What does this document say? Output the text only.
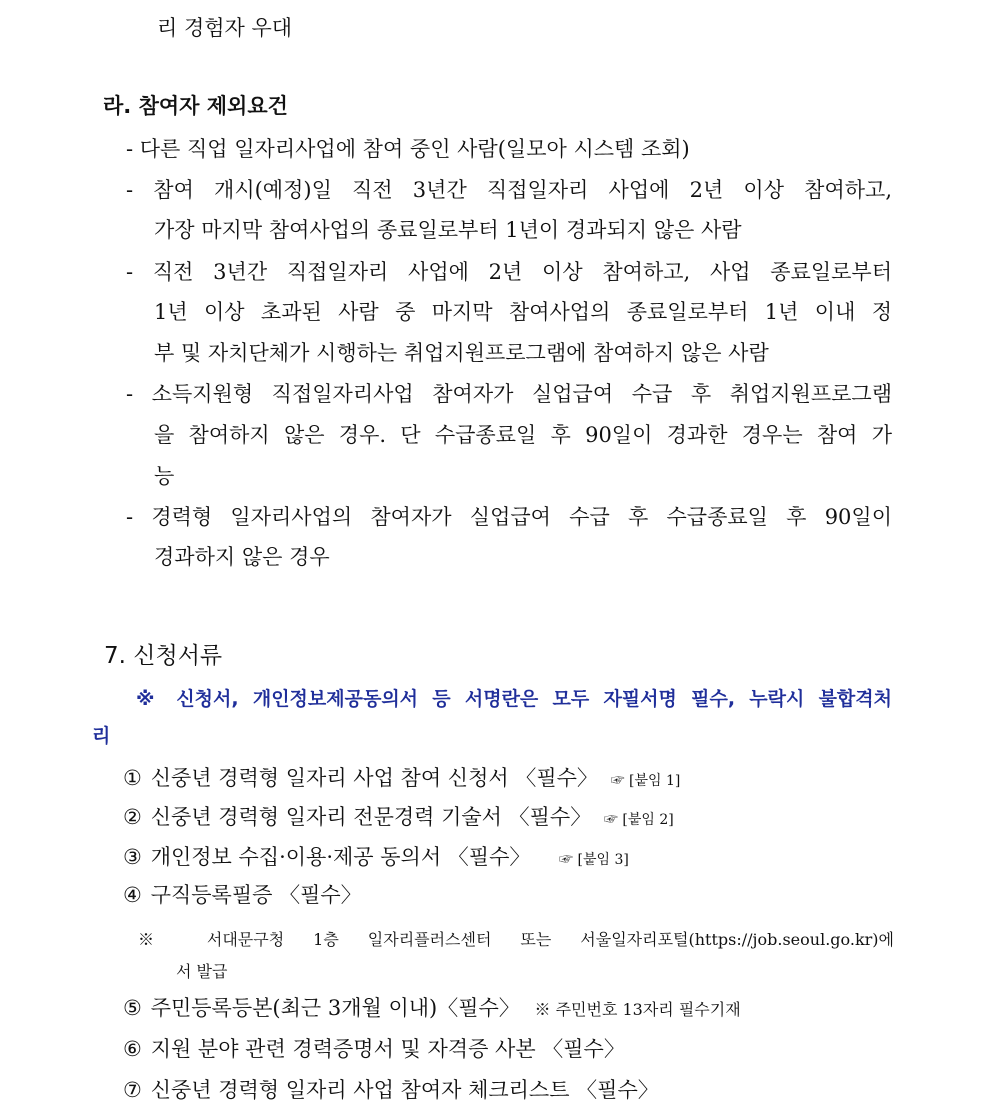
리 경험자 우대
라. 참여자 제외요건
- 다른 직업 일자리사업에 참여 중인 사람(일모아 시스템 조회)
- 참여 개시(예정)일 직전 3년간 직접일자리 사업에 2년 이상 참여하고,
가장 마지막 참여사업의 종료일로부터 1년이 경과되지 않은 사람
- 직전 3년간 직접일자리 사업에 2년 이상 참여하고, 사업 종료일로부터
1년 이상 초과된 사람 중 마지막 참여사업의 종료일로부터 1년 이내 정
부 및 자치단체가 시행하는 취업지원프로그램에 참여하지 않은 사람
- 소득지원형 직접일자리사업 참여자가 실업급여 수급 후 취업지원프로그램
을 참여하지 않은 경우. 단 수급종료일 후 90일이 경과한 경우는 참여 가
능
- 경력형 일자리사업의 참여자가 실업급여 수급 후 수급종료일 후 90일이
경과하지 않은 경우
7. 신청서류
※ 신청서, 개인정보제공동의서 등 서명란은 모두 자필서명 필수, 누락시 불합격처
리
① 신중년 경력형 일자리 사업 참여 신청서 〈필수〉 ☞ [붙임 1]
② 신중년 경력형 일자리 전문경력 기술서 〈필수〉 ☞ [붙임 2]
③ 개인정보 수집·이용·제공 동의서 〈필수〉 ☞ [붙임 3]
④ 구직등록필증 〈필수〉
※ 서대문구청 1층 일자리플러스센터 또는 서울일자리포털(https://job.seoul.go.kr)에
서 발급
⑤ 주민등록등본(최근 3개월 이내)〈필수〉 ※ 주민번호 13자리 필수기재
⑥ 지원 분야 관련 경력증명서 및 자격증 사본 〈필수〉
⑦ 신중년 경력형 일자리 사업 참여자 체크리스트 〈필수〉
